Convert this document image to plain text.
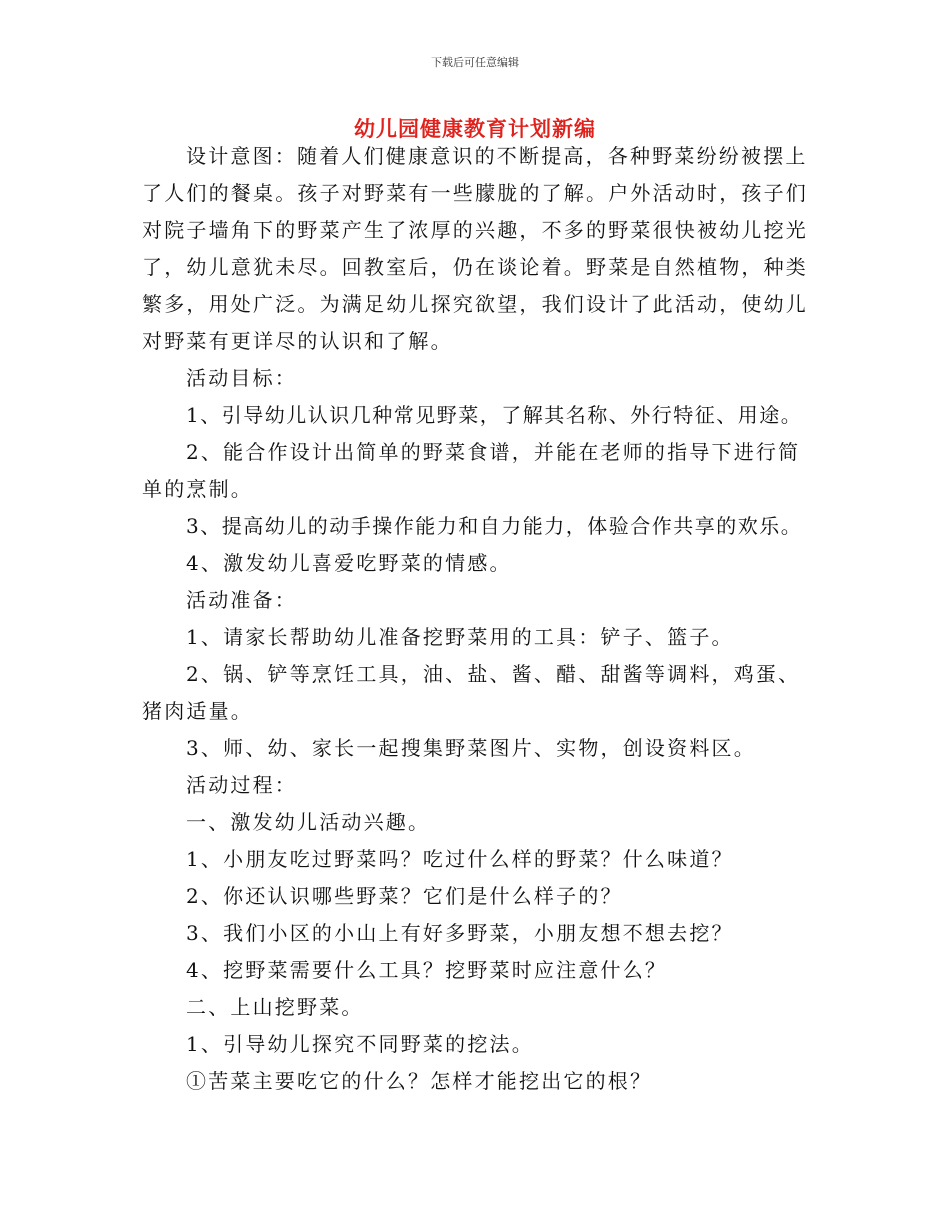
下载后可任意编辑
幼儿园健康教育计划新编

设计意图：随着人们健康意识的不断提高，各种野菜纷纷被摆上了人们的餐桌。孩子对野菜有一些朦胧的了解。户外活动时，孩子们对院子墙角下的野菜产生了浓厚的兴趣，不多的野菜很快被幼儿挖光了，幼儿意犹未尽。回教室后，仍在谈论着。野菜是自然植物，种类繁多，用处广泛。为满足幼儿探究欲望，我们设计了此活动，使幼儿对野菜有更详尽的认识和了解。

活动目标：

1、引导幼儿认识几种常见野菜，了解其名称、外行特征、用途。

2、能合作设计出简单的野菜食谱，并能在老师的指导下进行简单的烹制。

3、提高幼儿的动手操作能力和自力能力，体验合作共享的欢乐。

4、激发幼儿喜爱吃野菜的情感。

活动准备：

1、请家长帮助幼儿准备挖野菜用的工具：铲子、篮子。

2、锅、铲等烹饪工具，油、盐、酱、醋、甜酱等调料，鸡蛋、猪肉适量。

3、师、幼、家长一起搜集野菜图片、实物，创设资料区。

活动过程：

一、激发幼儿活动兴趣。

1、小朋友吃过野菜吗？吃过什么样的野菜？什么味道？

2、你还认识哪些野菜？它们是什么样子的？

3、我们小区的小山上有好多野菜，小朋友想不想去挖？

4、挖野菜需要什么工具？挖野菜时应注意什么？

二、上山挖野菜。

1、引导幼儿探究不同野菜的挖法。

①苦菜主要吃它的什么？怎样才能挖出它的根？
